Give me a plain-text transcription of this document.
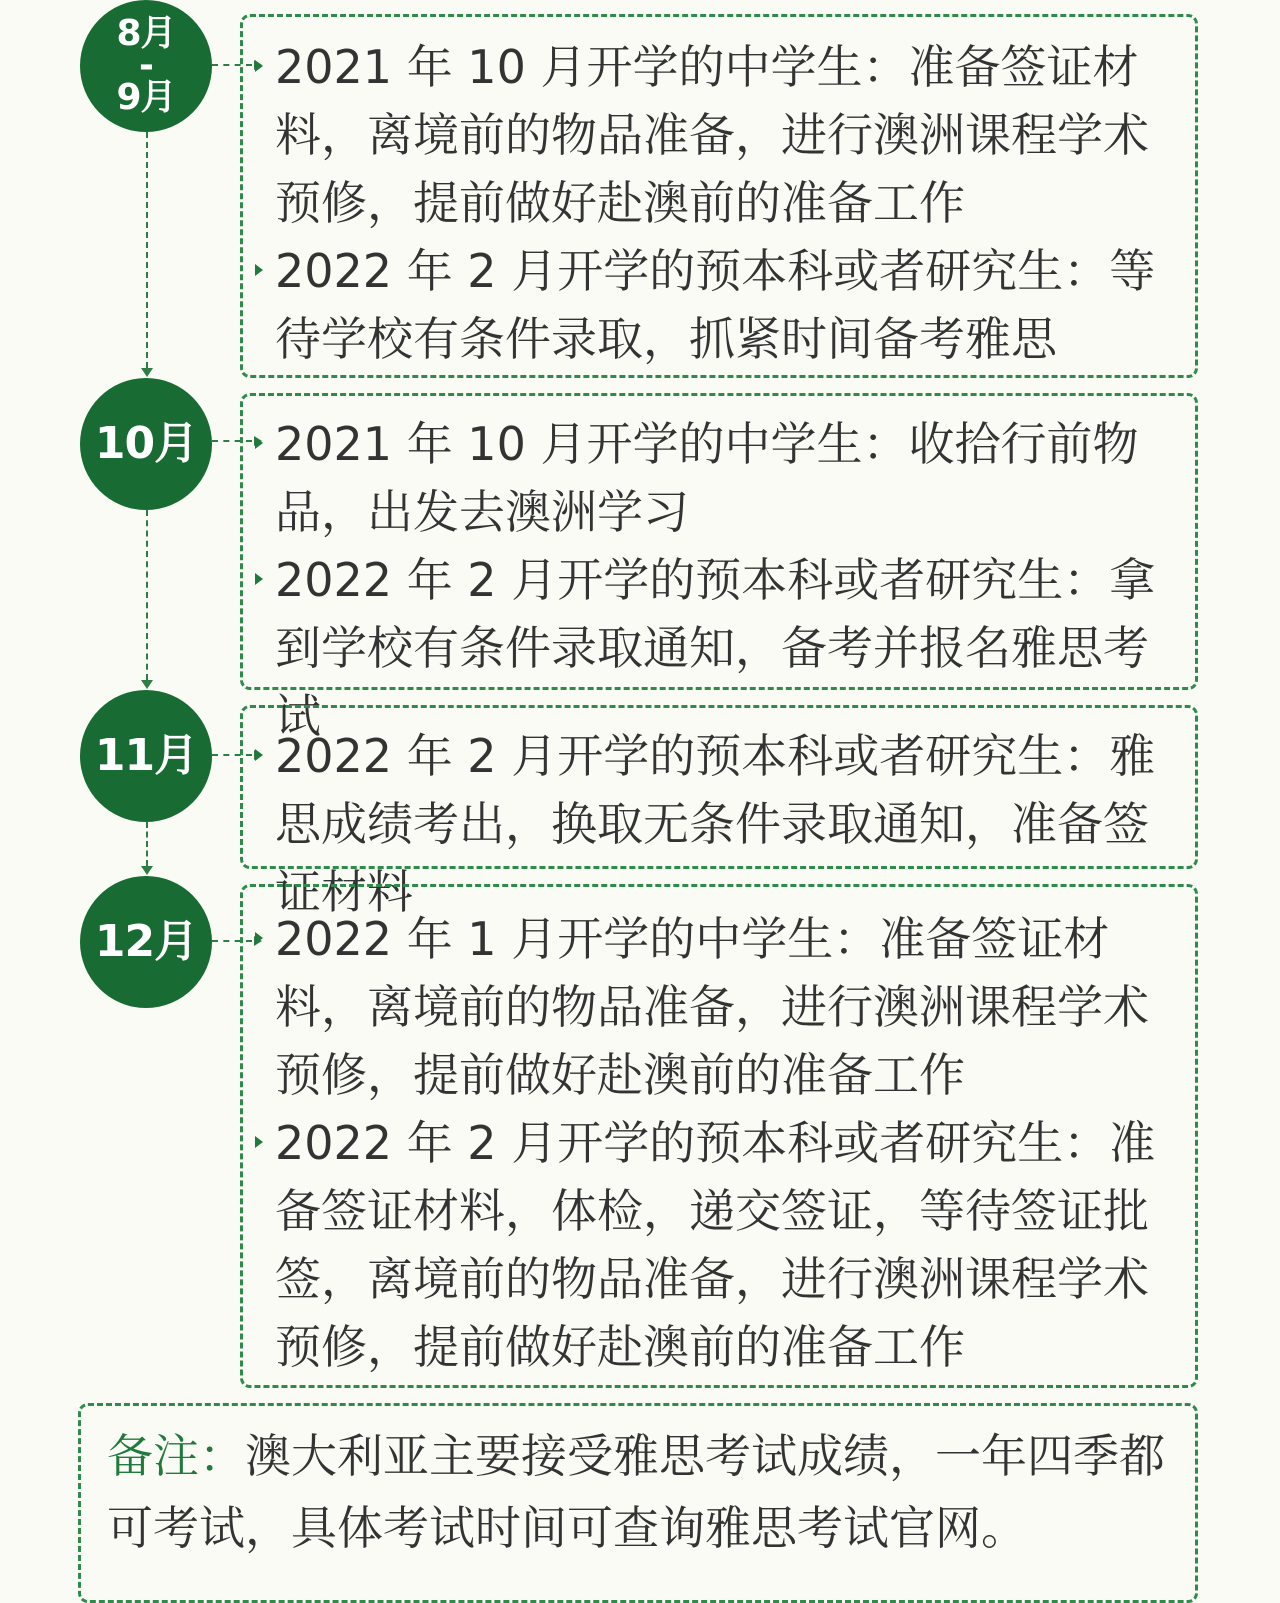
8月
-
9月
2021 年 10 月开学的中学生：准备签证材料，离境前的物品准备，进行澳洲课程学术预修，提前做好赴澳前的准备工作
2022 年 2 月开学的预本科或者研究生：等待学校有条件录取，抓紧时间备考雅思
10月 2021 年 10 月开学的中学生：收拾行前物品，出发去澳洲学习
2022 年 2 月开学的预本科或者研究生：拿到学校有条件录取通知，备考并报名雅思考试
11月 2022 年 2 月开学的预本科或者研究生：雅思成绩考出，换取无条件录取通知，准备签证材料
12月 2022 年 1 月开学的中学生：准备签证材料，离境前的物品准备，进行澳洲课程学术预修，提前做好赴澳前的准备工作
2022 年 2 月开学的预本科或者研究生：准备签证材料，体检，递交签证，等待签证批签，离境前的物品准备，进行澳洲课程学术预修，提前做好赴澳前的准备工作
备注：澳大利亚主要接受雅思考试成绩，一年四季都可考试，具体考试时间可查询雅思考试官网。
